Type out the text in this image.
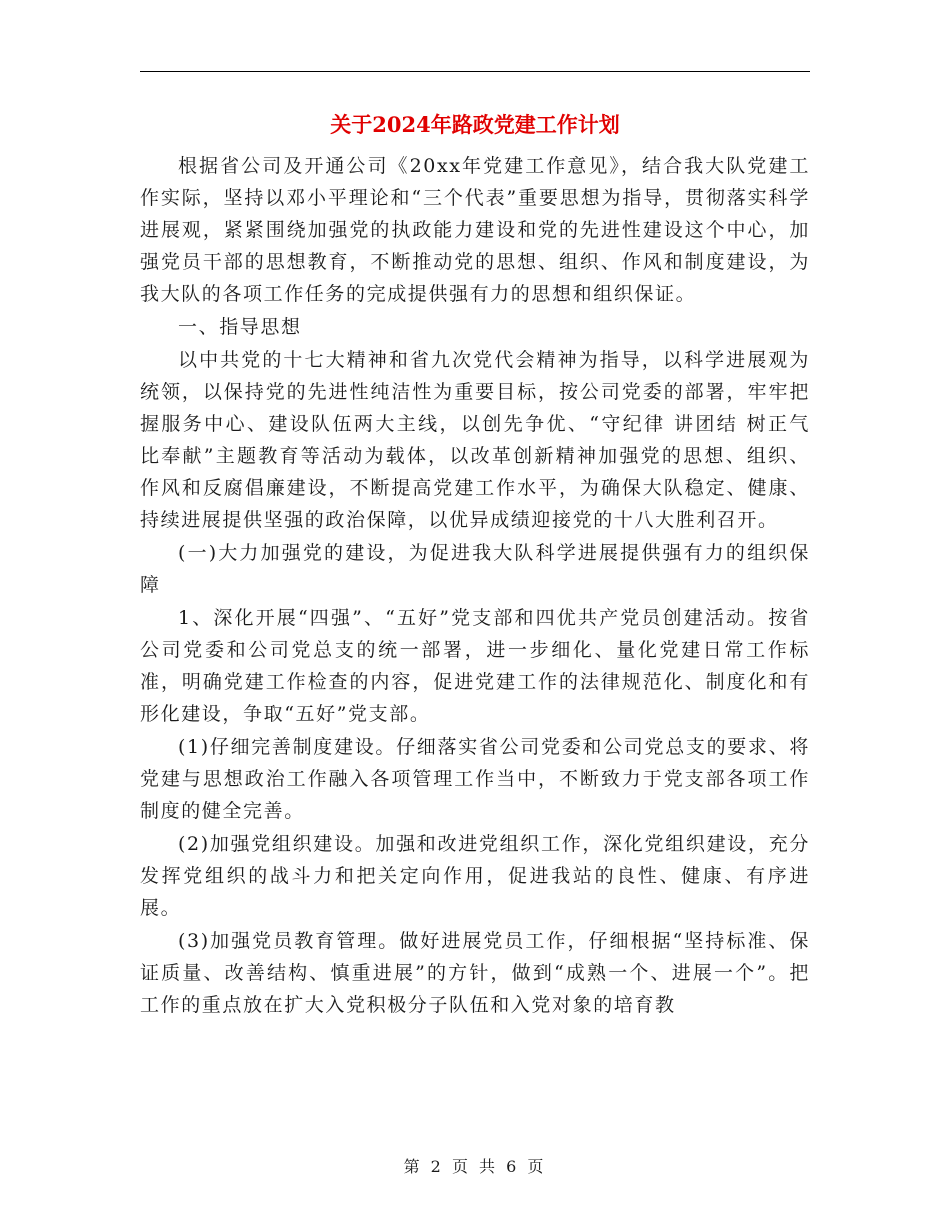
关于2024年路政党建工作计划

根据省公司及开通公司《20xx年党建工作意见》，结合我大队党建工作实际，坚持以邓小平理论和“三个代表”重要思想为指导，贯彻落实科学进展观，紧紧围绕加强党的执政能力建设和党的先进性建设这个中心，加强党员干部的思想教育，不断推动党的思想、组织、作风和制度建设，为我大队的各项工作任务的完成提供强有力的思想和组织保证。

一、指导思想

以中共党的十七大精神和省九次党代会精神为指导，以科学进展观为统领，以保持党的先进性纯洁性为重要目标，按公司党委的部署，牢牢把握服务中心、建设队伍两大主线，以创先争优、“守纪律 讲团结 树正气 比奉献”主题教育等活动为载体，以改革创新精神加强党的思想、组织、作风和反腐倡廉建设，不断提高党建工作水平，为确保大队稳定、健康、持续进展提供坚强的政治保障，以优异成绩迎接党的十八大胜利召开。

(一)大力加强党的建设，为促进我大队科学进展提供强有力的组织保障

1、深化开展“四强”、“五好”党支部和四优共产党员创建活动。按省公司党委和公司党总支的统一部署，进一步细化、量化党建日常工作标准，明确党建工作检查的内容，促进党建工作的法律规范化、制度化和有形化建设，争取“五好”党支部。

(1)仔细完善制度建设。仔细落实省公司党委和公司党总支的要求、将党建与思想政治工作融入各项管理工作当中，不断致力于党支部各项工作制度的健全完善。

(2)加强党组织建设。加强和改进党组织工作，深化党组织建设，充分发挥党组织的战斗力和把关定向作用，促进我站的良性、健康、有序进展。

(3)加强党员教育管理。做好进展党员工作，仔细根据“坚持标准、保证质量、改善结构、慎重进展”的方针，做到“成熟一个、进展一个”。把工作的重点放在扩大入党积极分子队伍和入党对象的培育教

第 2 页 共 6 页
